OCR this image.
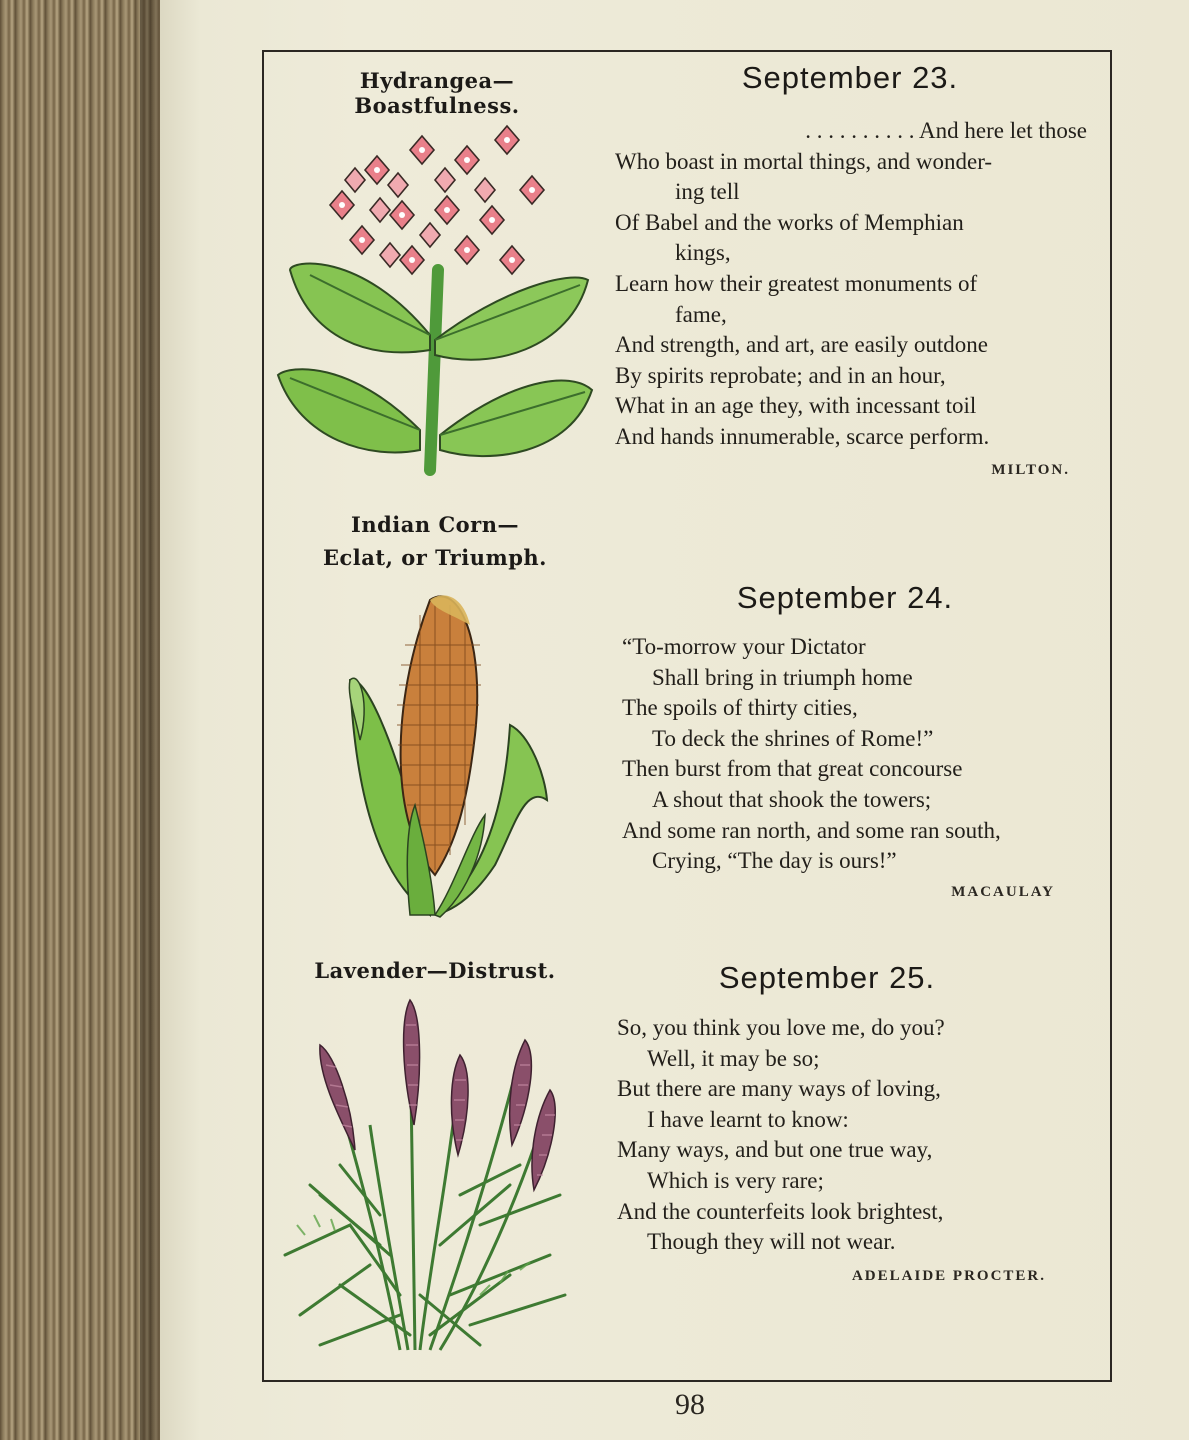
Hydrangea—Boastfulness.
September 23.
. . . . . . . . . . And here let those
Who boast in mortal things, and wonder-
ing tell
Of Babel and the works of Memphian
kings,
Learn how their greatest monuments of
fame,
And strength, and art, are easily outdone
By spirits reprobate; and in an hour,
What in an age they, with incessant toil
And hands innumerable, scarce perform.
MILTON.
Indian Corn—
Eclat, or Triumph.
September 24.
“To-morrow your Dictator
Shall bring in triumph home
The spoils of thirty cities,
To deck the shrines of Rome!”
Then burst from that great concourse
A shout that shook the towers;
And some ran north, and some ran south,
Crying, “The day is ours!”
MACAULAY
Lavender—Distrust.	September 25.
So, you think you love me, do you?
Well, it may be so;
But there are many ways of loving,
I have learnt to know:
Many ways, and but one true way,
Which is very rare;
And the counterfeits look brightest,
Though they will not wear.
ADELAIDE PROCTER.
98
